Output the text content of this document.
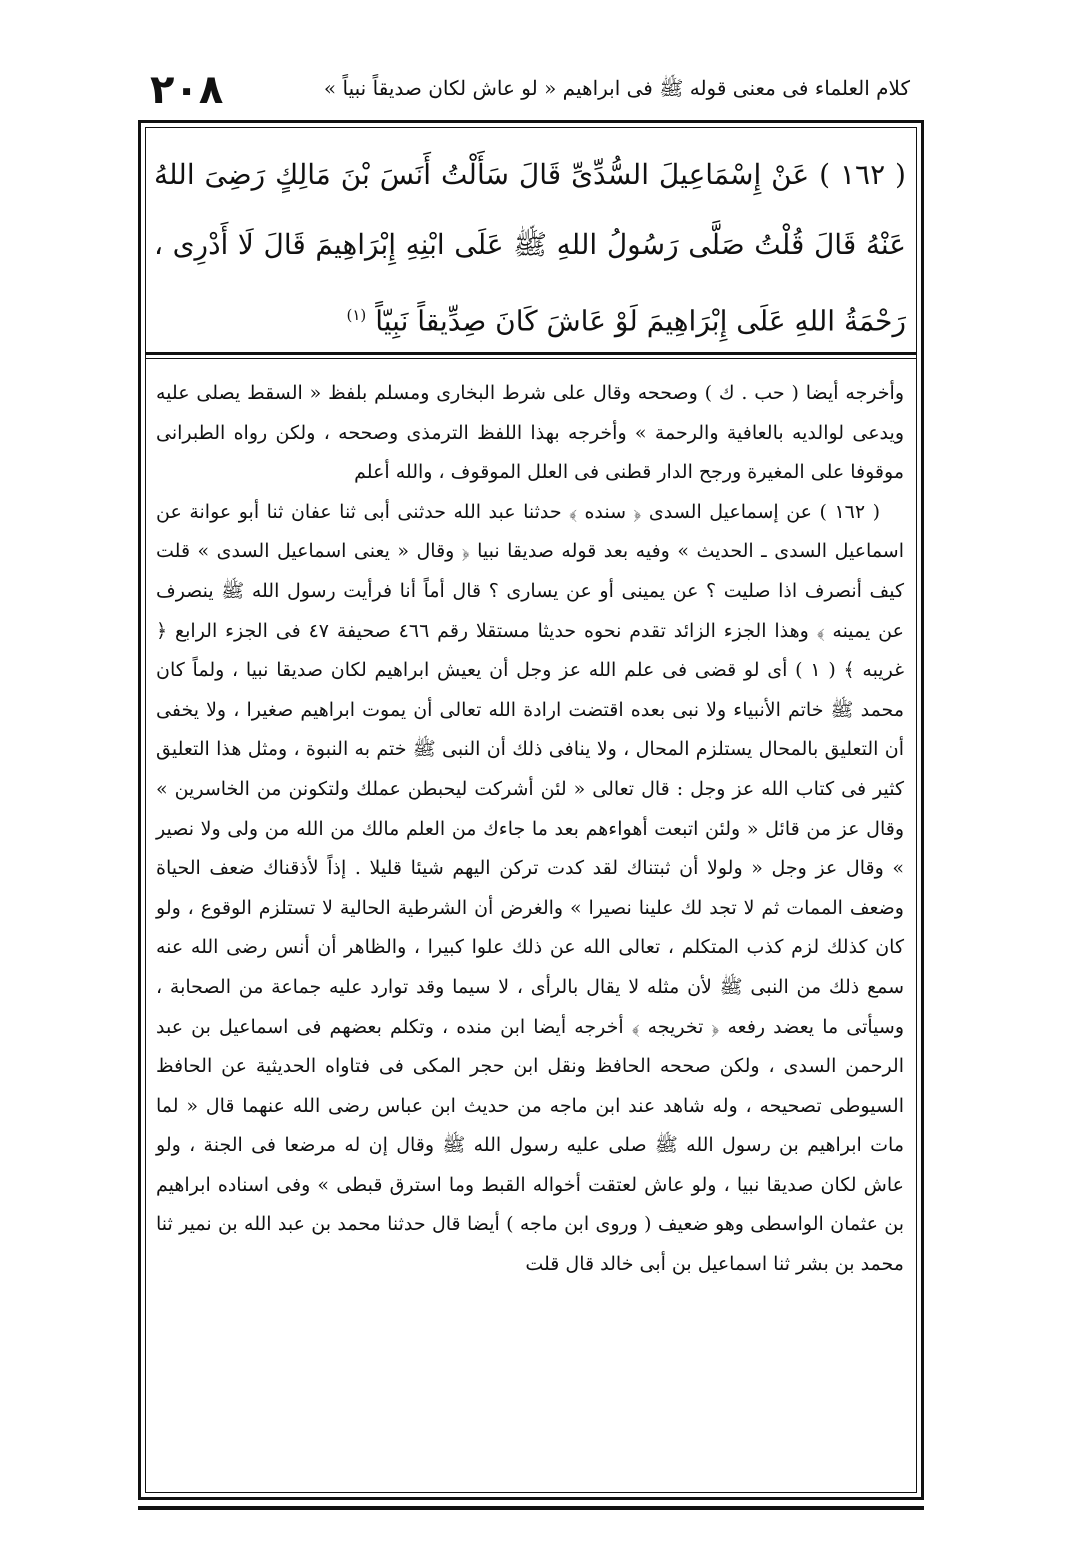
كلام العلماء فى معنى قوله ﷺ فى ابراهيم « لو عاش لكان صديقاً نبياً »
٢٠٨

( ١٦٢ ) عَنْ إِسْمَاعِيلَ السُّدِّىِّ قَالَ سَأَلْتُ أَنَسَ بْنَ مَالِكٍ رَضِىَ اللهُ عَنْهُ قَالَ قُلْتُ صَلَّى رَسُولُ اللهِ ﷺ عَلَى ابْنِهِ إِبْرَاهِيمَ قَالَ لَا أَدْرِى ، رَحْمَةُ اللهِ عَلَى إِبْرَاهِيمَ لَوْ عَاشَ كَانَ صِدِّيقاً نَبِيّاً $^{(١)}$

وأخرجه أيضا ( حب . ك ) وصححه وقال على شرط البخارى ومسلم بلفظ « السقط يصلى عليه ويدعى لوالديه بالعافية والرحمة » وأخرجه بهذا اللفظ الترمذى وصححه ، ولكن رواه الطبرانى موقوفا على المغيرة ورجح الدار قطنى فى العلل الموقوف ، والله أعلم

( ١٦٢ ) عن إسماعيل السدى ﴿ سنده ﴾ حدثنا عبد الله حدثنى أبى ثنا عفان ثنا أبو عوانة عن اسماعيل السدى ـ الحديث » وفيه بعد قوله صديقا نبيا ﴿ وقال « يعنى اسماعيل السدى » قلت كيف أنصرف اذا صليت ؟ عن يمينى أو عن يسارى ؟ قال أماً أنا فرأيت رسول الله ﷺ ينصرف عن يمينه ﴾ وهذا الجزء الزائد تقدم نحوه حديثا مستقلا رقم ٤٦٦ صحيفة ٤٧ فى الجزء الرابع ﴿ غريبه ﴾ ( ١ ) أى لو قضى فى علم الله عز وجل أن يعيش ابراهيم لكان صديقا نبيا ، ولماً كان محمد ﷺ خاتم الأنبياء ولا نبى بعده اقتضت ارادة الله تعالى أن يموت ابراهيم صغيرا ، ولا يخفى أن التعليق بالمحال يستلزم المحال ، ولا ينافى ذلك أن النبى ﷺ ختم به النبوة ، ومثل هذا التعليق كثير فى كتاب الله عز وجل : قال تعالى « لئن أشركت ليحبطن عملك ولتكونن من الخاسرين » وقال عز من قائل « ولئن اتبعت أهواءهم بعد ما جاءك من العلم مالك من الله من ولى ولا نصير » وقال عز وجل « ولولا أن ثبتناك لقد كدت تركن اليهم شيئا قليلا . إذاً لأذقناك ضعف الحياة وضعف الممات ثم لا تجد لك علينا نصيرا » والغرض أن الشرطية الحالية لا تستلزم الوقوع ، ولو كان كذلك لزم كذب المتكلم ، تعالى الله عن ذلك علوا كبيرا ، والظاهر أن أنس رضى الله عنه سمع ذلك من النبى ﷺ لأن مثله لا يقال بالرأى ، لا سيما وقد توارد عليه جماعة من الصحابة ، وسيأتى ما يعضد رفعه ﴿ تخريجه ﴾ أخرجه أيضا ابن منده ، وتكلم بعضهم فى اسماعيل بن عبد الرحمن السدى ، ولكن صححه الحافظ ونقل ابن حجر المكى فى فتاواه الحديثية عن الحافظ السيوطى تصحيحه ، وله شاهد عند ابن ماجه من حديث ابن عباس رضى الله عنهما قال « لما مات ابراهيم بن رسول الله ﷺ صلى عليه رسول الله ﷺ وقال إن له مرضعا فى الجنة ، ولو عاش لكان صديقا نبيا ، ولو عاش لعتقت أخواله القبط وما استرق قبطى » وفى اسناده ابراهيم بن عثمان الواسطى وهو ضعيف ( وروى ابن ماجه ) أيضا قال حدثنا محمد بن عبد الله بن نمير ثنا محمد بن بشر ثنا اسماعيل بن أبى خالد قال قلت
